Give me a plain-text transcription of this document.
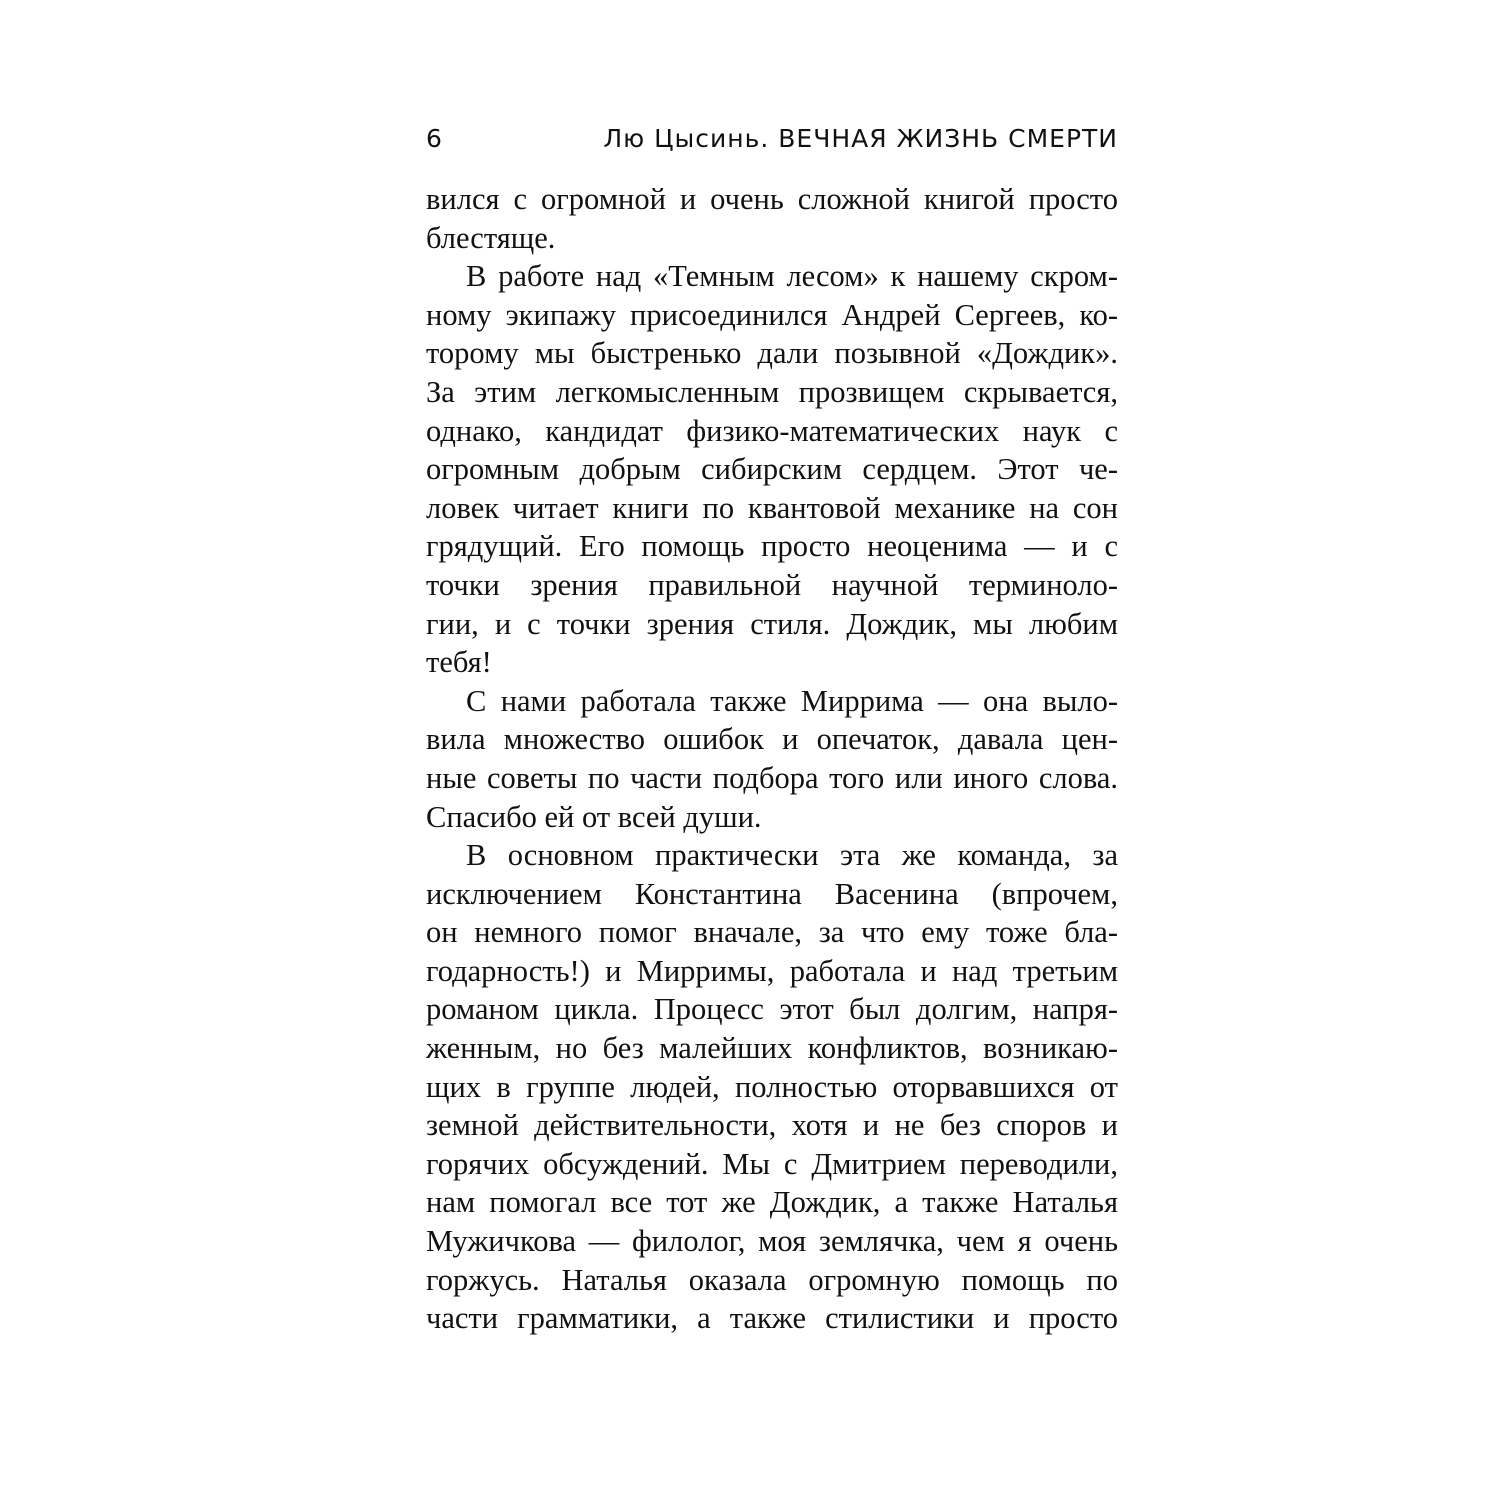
6	Лю Цысинь. ВЕЧНАЯ ЖИЗНЬ СМЕРТИ
вился с огромной и очень сложной книгой просто
блестяще.
В работе над «Темным лесом» к нашему скром-
ному экипажу присоединился Андрей Сергеев, ко-
торому мы быстренько дали позывной «Дождик».
За этим легкомысленным прозвищем скрывается,
однако, кандидат физико-математических наук с
огромным добрым сибирским сердцем. Этот че-
ловек читает книги по квантовой механике на сон
грядущий. Его помощь просто неоценима — и с
точки зрения правильной научной терминоло-
гии, и с точки зрения стиля. Дождик, мы любим
тебя!
С нами работала также Миррима — она выло-
вила множество ошибок и опечаток, давала цен-
ные советы по части подбора того или иного слова.
Спасибо ей от всей души.
В основном практически эта же команда, за
исключением Константина Васенина (впрочем,
он немного помог вначале, за что ему тоже бла-
годарность!) и Мирримы, работала и над третьим
романом цикла. Процесс этот был долгим, напря-
женным, но без малейших конфликтов, возникаю-
щих в группе людей, полностью оторвавшихся от
земной действительности, хотя и не без споров и
горячих обсуждений. Мы с Дмитрием переводили,
нам помогал все тот же Дождик, а также Наталья
Мужичкова — филолог, моя землячка, чем я очень
горжусь. Наталья оказала огромную помощь по
части грамматики, а также стилистики и просто
